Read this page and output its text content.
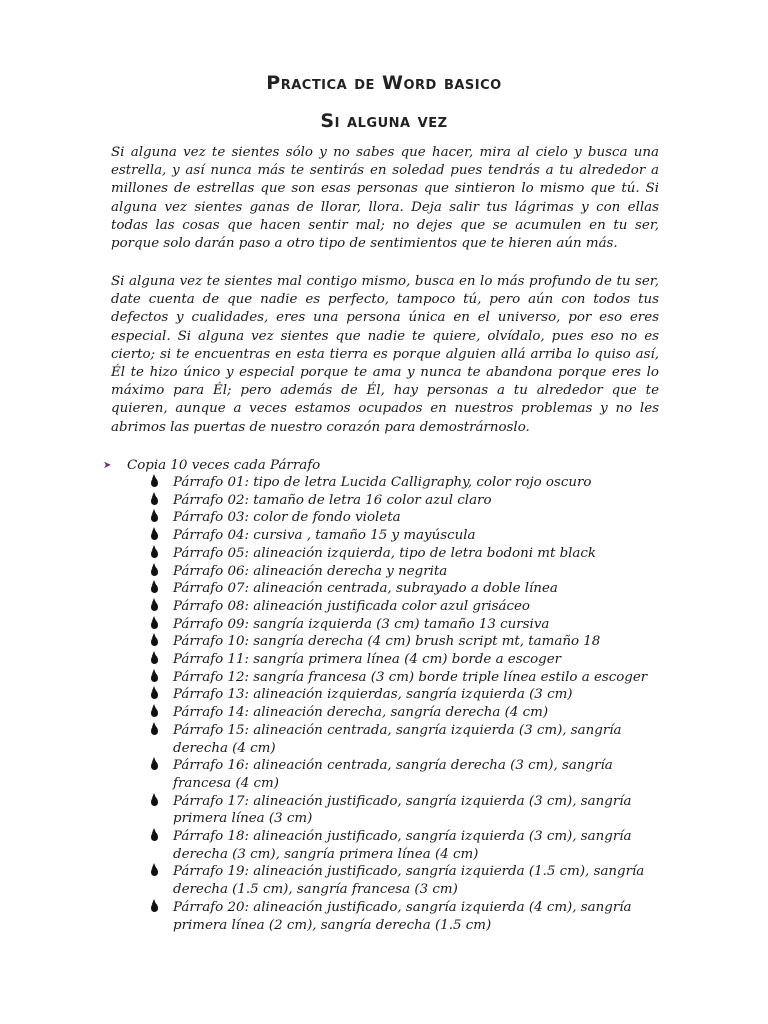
Practica de Word basico
Si alguna vez

Si alguna vez te sientes sólo y no sabes que hacer, mira al cielo y busca una estrella, y así nunca más te sentirás en soledad pues tendrás a tu alrededor a millones de estrellas que son esas personas que sintieron lo mismo que tú. Si alguna vez sientes ganas de llorar, llora. Deja salir tus lágrimas y con ellas todas las cosas que hacen sentir mal; no dejes que se acumulen en tu ser, porque solo darán paso a otro tipo de sentimientos que te hieren aún más.

Si alguna vez te sientes mal contigo mismo, busca en lo más profundo de tu ser, date cuenta de que nadie es perfecto, tampoco tú, pero aún con todos tus defectos y cualidades, eres una persona única en el universo, por eso eres especial. Si alguna vez sientes que nadie te quiere, olvídalo, pues eso no es cierto; si te encuentras en esta tierra es porque alguien allá arriba lo quiso así, Él te hizo único y especial porque te ama y nunca te abandona porque eres lo máximo para Él; pero además de Él, hay personas a tu alrededor que te quieren, aunque a veces estamos ocupados en nuestros problemas y no les abrimos las puertas de nuestro corazón para demostrárnoslo.

➤	Copia 10 veces cada Párrafo
Párrafo 01: tipo de letra Lucida Calligraphy, color rojo oscuro
Párrafo 02: tamaño de letra 16 color azul claro
Párrafo 03: color de fondo violeta
Párrafo 04: cursiva , tamaño 15 y mayúscula
Párrafo 05: alineación izquierda, tipo de letra bodoni mt black
Párrafo 06: alineación derecha y negrita
Párrafo 07: alineación centrada, subrayado a doble línea
Párrafo 08: alineación justificada color azul grisáceo
Párrafo 09: sangría izquierda (3 cm) tamaño 13 cursiva
Párrafo 10: sangría derecha (4 cm) brush script mt, tamaño 18
Párrafo 11: sangría primera línea (4 cm) borde a escoger
Párrafo 12: sangría francesa (3 cm) borde triple línea estilo a escoger
Párrafo 13: alineación izquierdas, sangría izquierda (3 cm)
Párrafo 14: alineación derecha, sangría derecha (4 cm)
Párrafo 15: alineación centrada, sangría izquierda (3 cm), sangría derecha (4 cm)
Párrafo 16: alineación centrada, sangría derecha (3 cm), sangría francesa (4 cm)
Párrafo 17: alineación justificado, sangría izquierda (3 cm), sangría primera línea (3 cm)
Párrafo 18: alineación justificado, sangría izquierda (3 cm), sangría derecha (3 cm), sangría primera línea (4 cm)
Párrafo 19: alineación justificado, sangría izquierda (1.5 cm), sangría derecha (1.5 cm), sangría francesa (3 cm)
Párrafo 20: alineación justificado, sangría izquierda (4 cm), sangría primera línea (2 cm), sangría derecha (1.5 cm)
